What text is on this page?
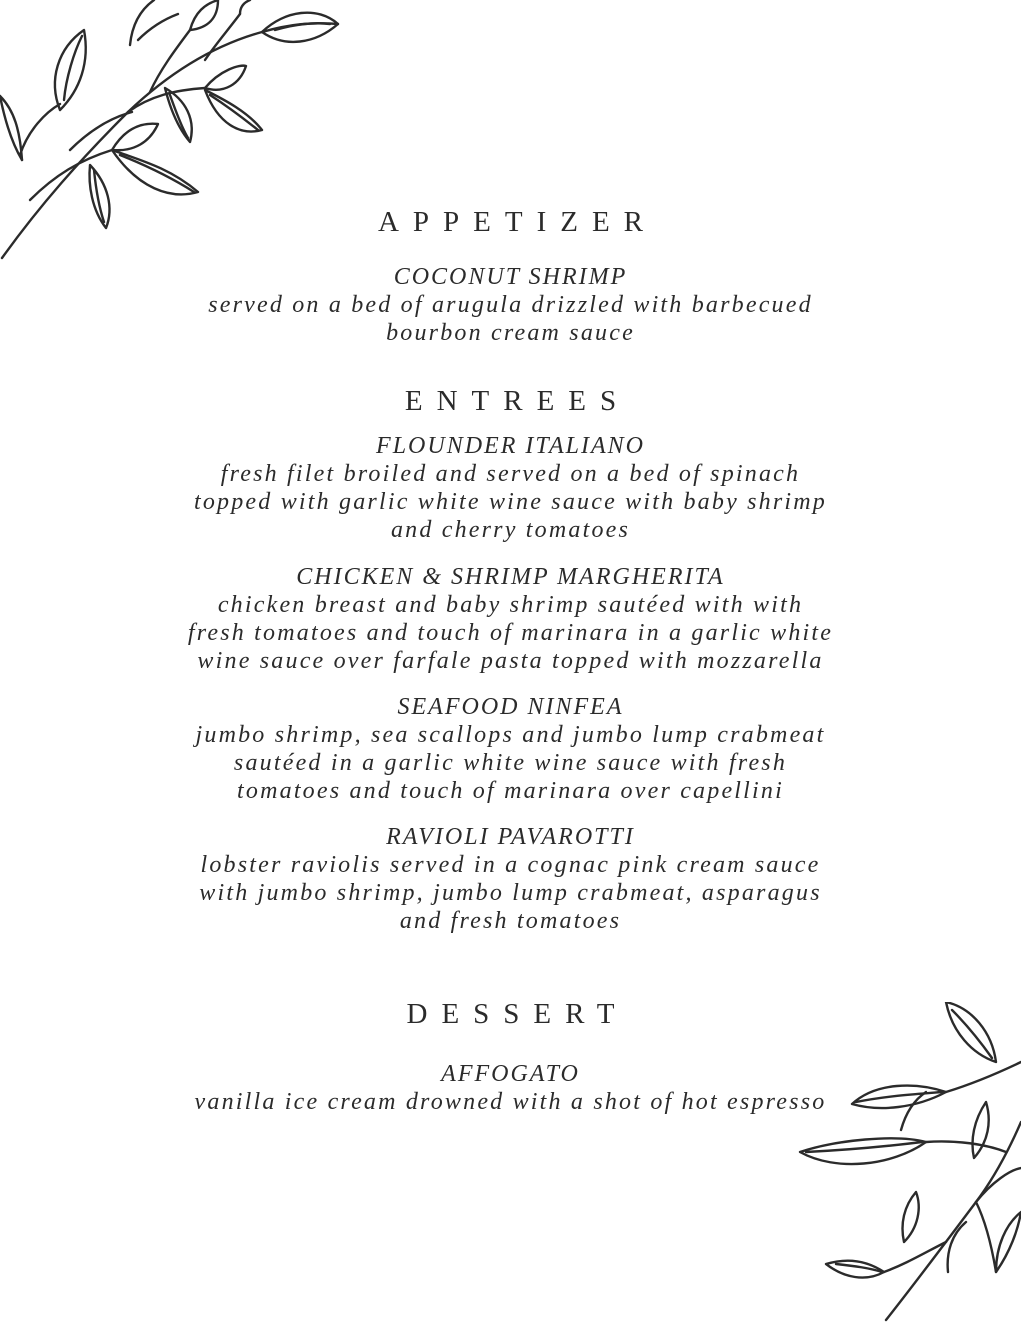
APPETIZER
COCONUT SHRIMP
served on a bed of arugula drizzled with barbecued
bourbon cream sauce
ENTREES
FLOUNDER ITALIANO
fresh filet broiled and served on a bed of spinach
topped with garlic white wine sauce with baby shrimp
and cherry tomatoes
CHICKEN & SHRIMP MARGHERITA
chicken breast and baby shrimp sautéed with with
fresh tomatoes and touch of marinara in a garlic white
wine sauce over farfale pasta topped with mozzarella
SEAFOOD NINFEA
jumbo shrimp, sea scallops and jumbo lump crabmeat
sautéed in a garlic white wine sauce with fresh
tomatoes and touch of marinara over capellini
RAVIOLI PAVAROTTI
lobster raviolis served in a cognac pink cream sauce
with jumbo shrimp, jumbo lump crabmeat, asparagus
and fresh tomatoes
DESSERT
AFFOGATO
vanilla ice cream drowned with a shot of hot espresso
